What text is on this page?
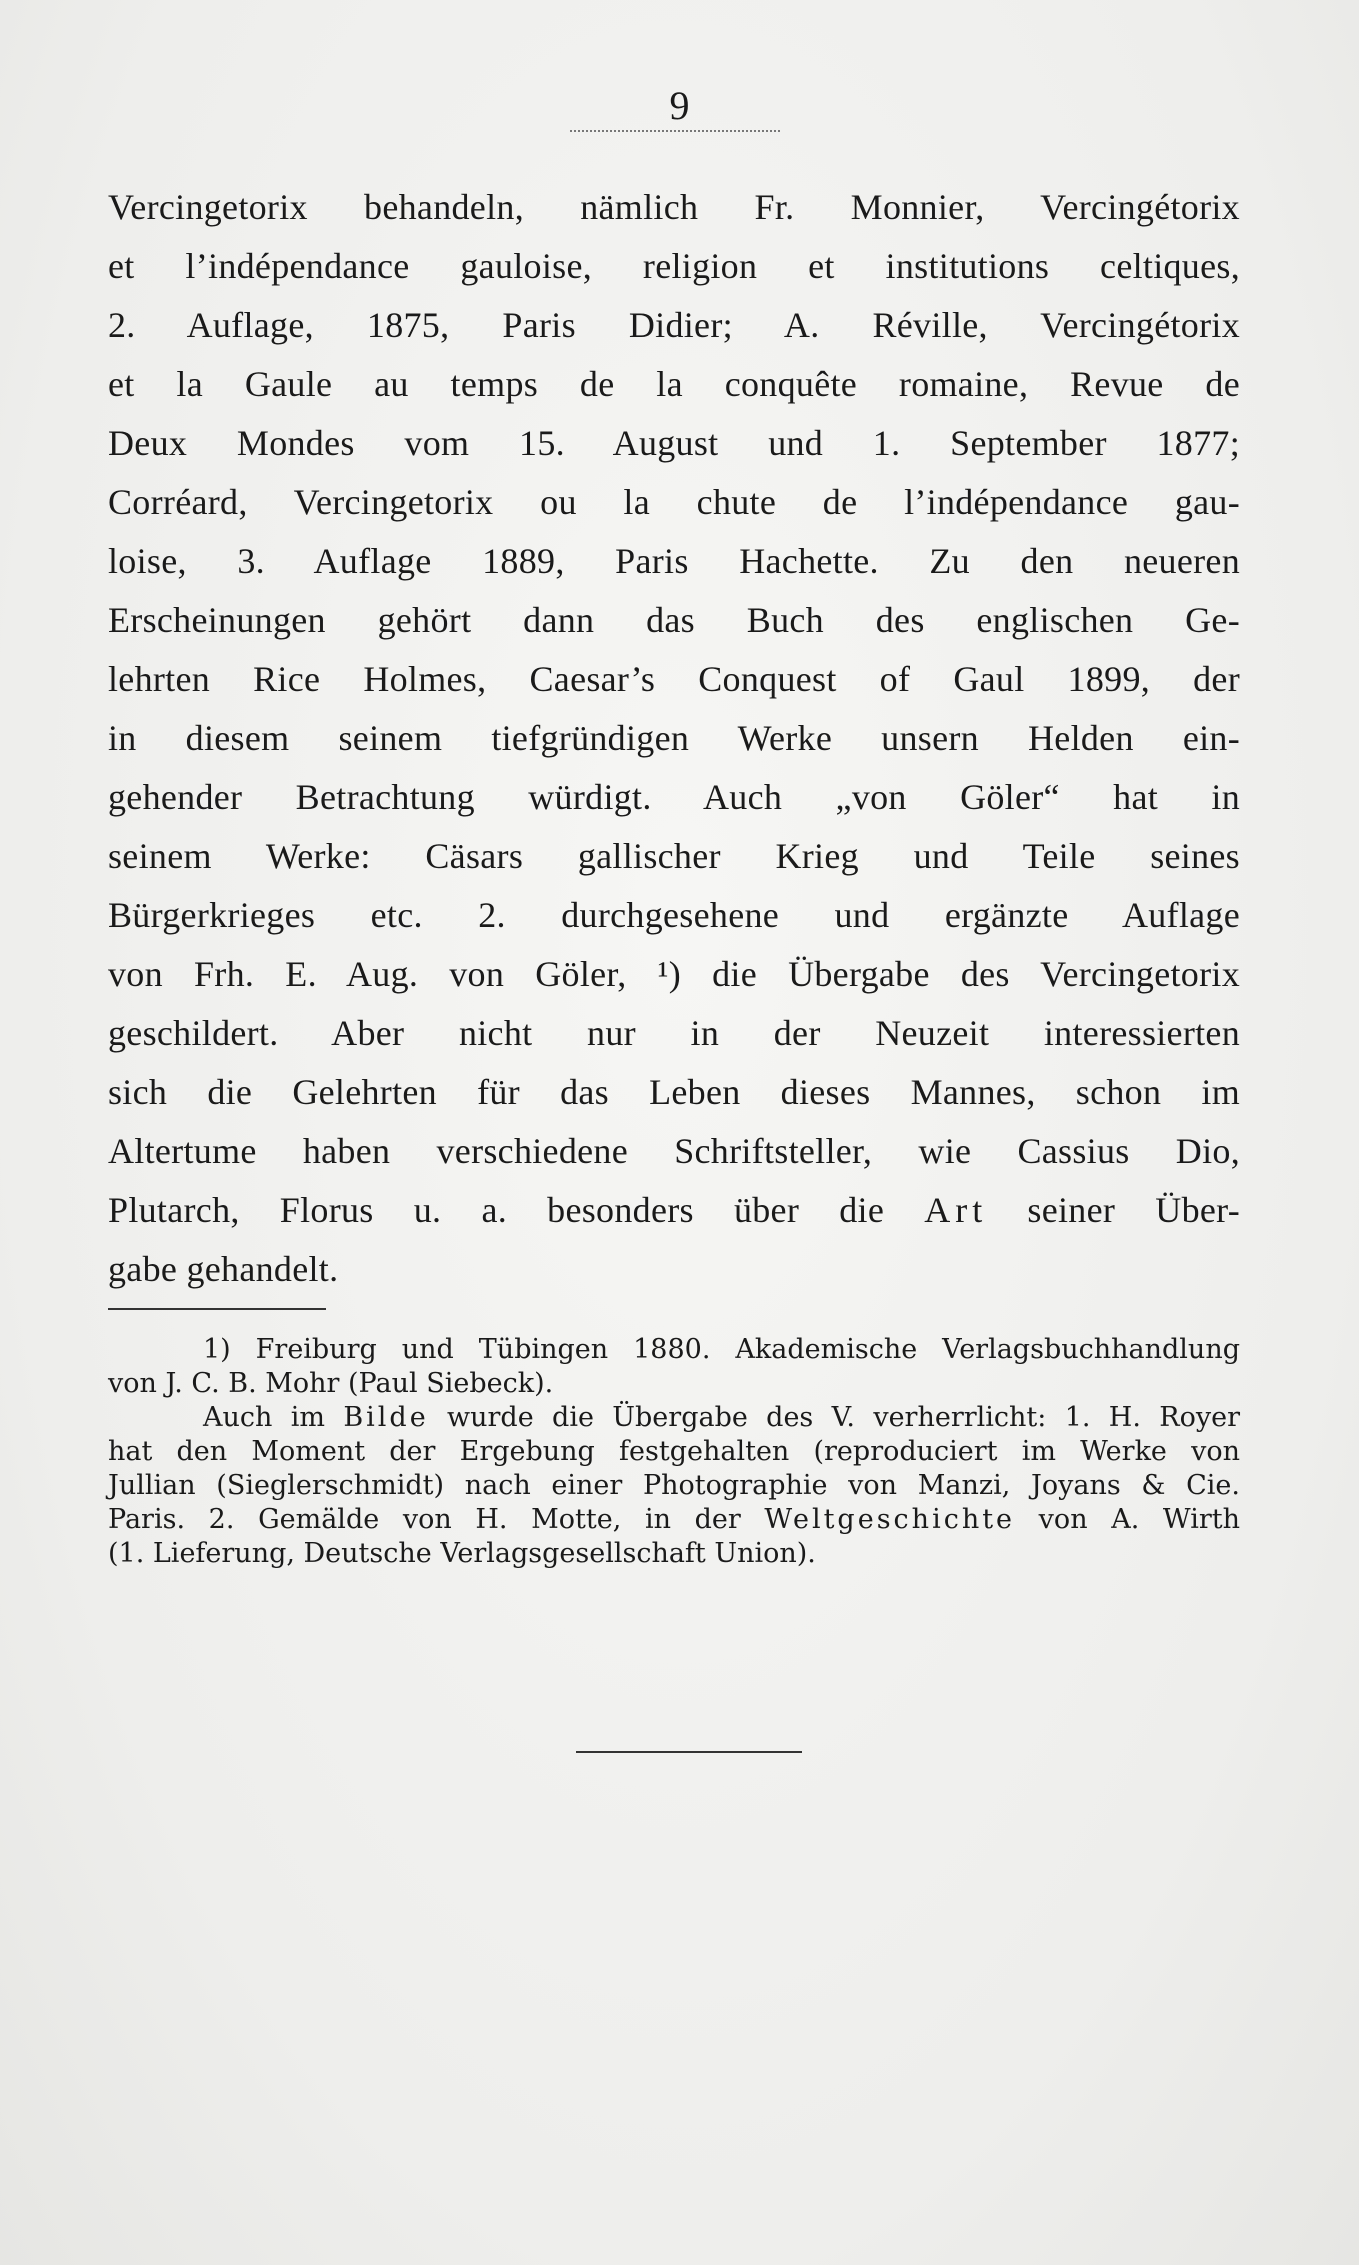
9
Vercingetorix behandeln, nämlich Fr. Monnier, Vercingétorix
et l’indépendance gauloise, religion et institutions celtiques,
2. Auflage, 1875, Paris Didier; A. Réville, Vercingétorix
et la Gaule au temps de la conquête romaine, Revue de
Deux Mondes vom 15. August und 1. September 1877;
Corréard, Vercingetorix ou la chute de l’indépendance gau-
loise, 3. Auflage 1889, Paris Hachette. Zu den neueren
Erscheinungen gehört dann das Buch des englischen Ge-
lehrten Rice Holmes, Caesar’s Conquest of Gaul 1899, der
in diesem seinem tiefgründigen Werke unsern Helden ein-
gehender Betrachtung würdigt. Auch „von Göler“ hat in
seinem Werke: Cäsars gallischer Krieg und Teile seines
Bürgerkrieges etc. 2. durchgesehene und ergänzte Auflage
von Frh. E. Aug. von Göler, ¹) die Übergabe des Vercingetorix
geschildert. Aber nicht nur in der Neuzeit interessierten
sich die Gelehrten für das Leben dieses Mannes, schon im
Altertume haben verschiedene Schriftsteller, wie Cassius Dio,
Plutarch, Florus u. a. besonders über die Art seiner Über-
gabe gehandelt.
1) Freiburg und Tübingen 1880. Akademische Verlagsbuchhandlung
von J. C. B. Mohr (Paul Siebeck).
Auch im Bilde wurde die Übergabe des V. verherrlicht: 1. H. Royer
hat den Moment der Ergebung festgehalten (reproduciert im Werke von
Jullian (Sieglerschmidt) nach einer Photographie von Manzi, Joyans & Cie.
Paris. 2. Gemälde von H. Motte, in der Weltgeschichte von A. Wirth
(1. Lieferung, Deutsche Verlagsgesellschaft Union).
